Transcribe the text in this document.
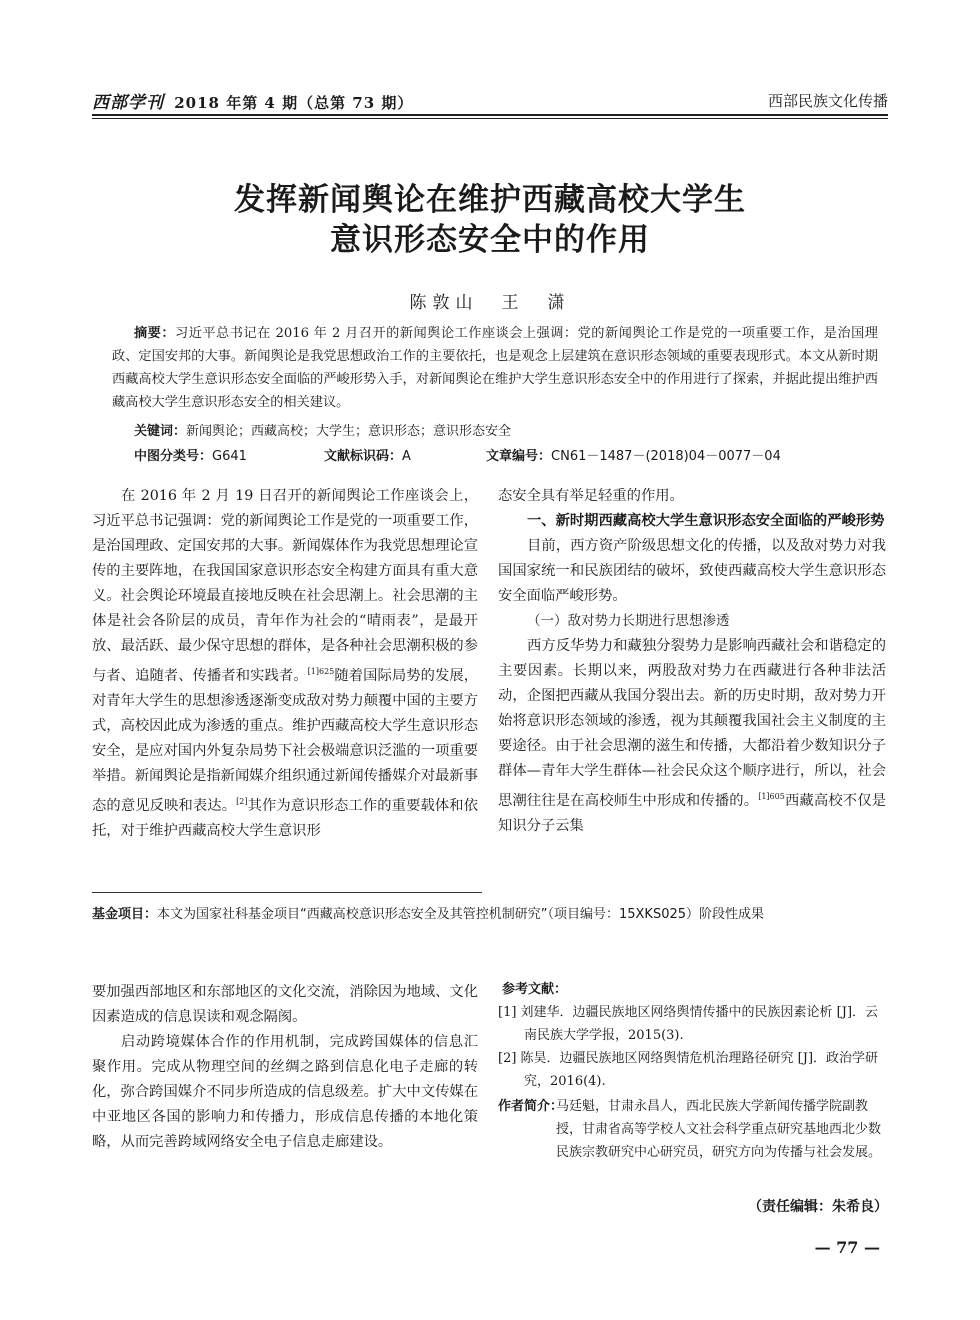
西部学刊 2018 年第 4 期（总第 73 期）	西部民族文化传播
发挥新闻舆论在维护西藏高校大学生
意识形态安全中的作用
陈敦山　王　潇

摘要：习近平总书记在 2016 年 2 月召开的新闻舆论工作座谈会上强调：党的新闻舆论工作是党的一项重要工作，是治国理政、定国安邦的大事。新闻舆论是我党思想政治工作的主要依托，也是观念上层建筑在意识形态领域的重要表现形式。本文从新时期西藏高校大学生意识形态安全面临的严峻形势入手，对新闻舆论在维护大学生意识形态安全中的作用进行了探索，并据此提出维护西藏高校大学生意识形态安全的相关建议。

关键词：新闻舆论；西藏高校；大学生；意识形态；意识形态安全
中图分类号：G641	文献标识码：A	文章编号：CN61－1487－(2018)04－0077－04

在 2016 年 2 月 19 日召开的新闻舆论工作座谈会上，习近平总书记强调：党的新闻舆论工作是党的一项重要工作，是治国理政、定国安邦的大事。新闻媒体作为我党思想理论宣传的主要阵地，在我国国家意识形态安全构建方面具有重大意义。社会舆论环境最直接地反映在社会思潮上。社会思潮的主体是社会各阶层的成员，青年作为社会的“晴雨表”，是最开放、最活跃、最少保守思想的群体，是各种社会思潮积极的参与者、追随者、传播者和实践者。$^{[1]625}$随着国际局势的发展，对青年大学生的思想渗透逐渐变成敌对势力颠覆中国的主要方式，高校因此成为渗透的重点。维护西藏高校大学生意识形态安全，是应对国内外复杂局势下社会极端意识泛滥的一项重要举措。新闻舆论是指新闻媒介组织通过新闻传播媒介对最新事态的意见反映和表达。[2]其作为意识形态工作的重要载体和依托，对于维护西藏高校大学生意识形

态安全具有举足轻重的作用。

一、新时期西藏高校大学生意识形态安全面临的严峻形势

目前，西方资产阶级思想文化的传播，以及敌对势力对我国国家统一和民族团结的破坏，致使西藏高校大学生意识形态安全面临严峻形势。

（一）敌对势力长期进行思想渗透

西方反华势力和藏独分裂势力是影响西藏社会和谐稳定的主要因素。长期以来，两股敌对势力在西藏进行各种非法活动，企图把西藏从我国分裂出去。新的历史时期，敌对势力开始将意识形态领域的渗透，视为其颠覆我国社会主义制度的主要途径。由于社会思潮的滋生和传播，大都沿着少数知识分子群体—青年大学生群体—社会民众这个顺序进行，所以，社会思潮往往是在高校师生中形成和传播的。$^{[1]605}$西藏高校不仅是知识分子云集

基金项目：本文为国家社科基金项目“西藏高校意识形态安全及其管控机制研究”（项目编号：15XKS025）阶段性成果

要加强西部地区和东部地区的文化交流，消除因为地域、文化因素造成的信息误读和观念隔阂。

启动跨境媒体合作的作用机制，完成跨国媒体的信息汇聚作用。完成从物理空间的丝绸之路到信息化电子走廊的转化，弥合跨国媒介不同步所造成的信息级差。扩大中文传媒在中亚地区各国的影响力和传播力，形成信息传播的本地化策略，从而完善跨域网络安全电子信息走廊建设。

参考文献：

[1] 刘建华．边疆民族地区网络舆情传播中的民族因素论析 [J]．云南民族大学学报，2015(3).

[2] 陈昊．边疆民族地区网络舆情危机治理路径研究 [J]．政治学研究，2016(4).

作者简介：
马廷魁，甘肃永昌人，西北民族大学新闻传播学院副教授，甘肃省高等学校人文社会科学重点研究基地西北少数民族宗教研究中心研究员，研究方向为传播与社会发展。
（责任编辑：朱希良）
— 77 —
